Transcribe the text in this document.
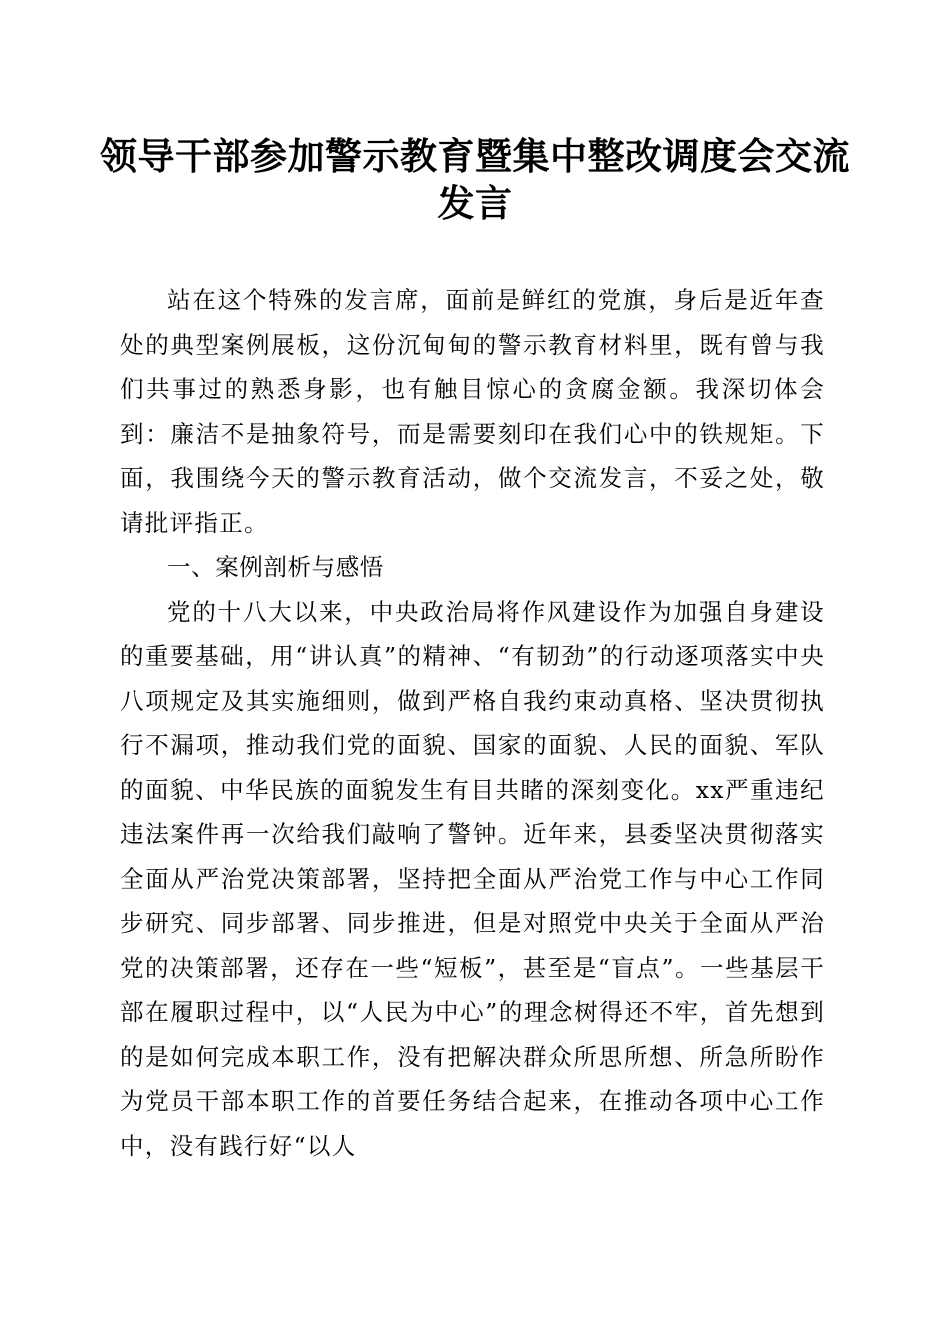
领导干部参加警示教育暨集中整改调度会交流
发言

站在这个特殊的发言席，面前是鲜红的党旗，身后是近年查处的典型案例展板，这份沉甸甸的警示教育材料里，既有曾与我们共事过的熟悉身影，也有触目惊心的贪腐金额。我深切体会到：廉洁不是抽象符号，而是需要刻印在我们心中的铁规矩。下面，我围绕今天的警示教育活动，做个交流发言，不妥之处，敬请批评指正。

一、案例剖析与感悟

党的十八大以来，中央政治局将作风建设作为加强自身建设的重要基础，用“讲认真”的精神、“有韧劲”的行动逐项落实中央八项规定及其实施细则，做到严格自我约束动真格、坚决贯彻执行不漏项，推动我们党的面貌、国家的面貌、人民的面貌、军队的面貌、中华民族的面貌发生有目共睹的深刻变化。xx严重违纪违法案件再一次给我们敲响了警钟。近年来，县委坚决贯彻落实全面从严治党决策部署，坚持把全面从严治党工作与中心工作同步研究、同步部署、同步推进，但是对照党中央关于全面从严治党的决策部署，还存在一些“短板”，甚至是“盲点”。一些基层干部在履职过程中，以“人民为中心”的理念树得还不牢，首先想到的是如何完成本职工作，没有把解决群众所思所想、所急所盼作为党员干部本职工作的首要任务结合起来，在推动各项中心工作中，没有践行好“以人
